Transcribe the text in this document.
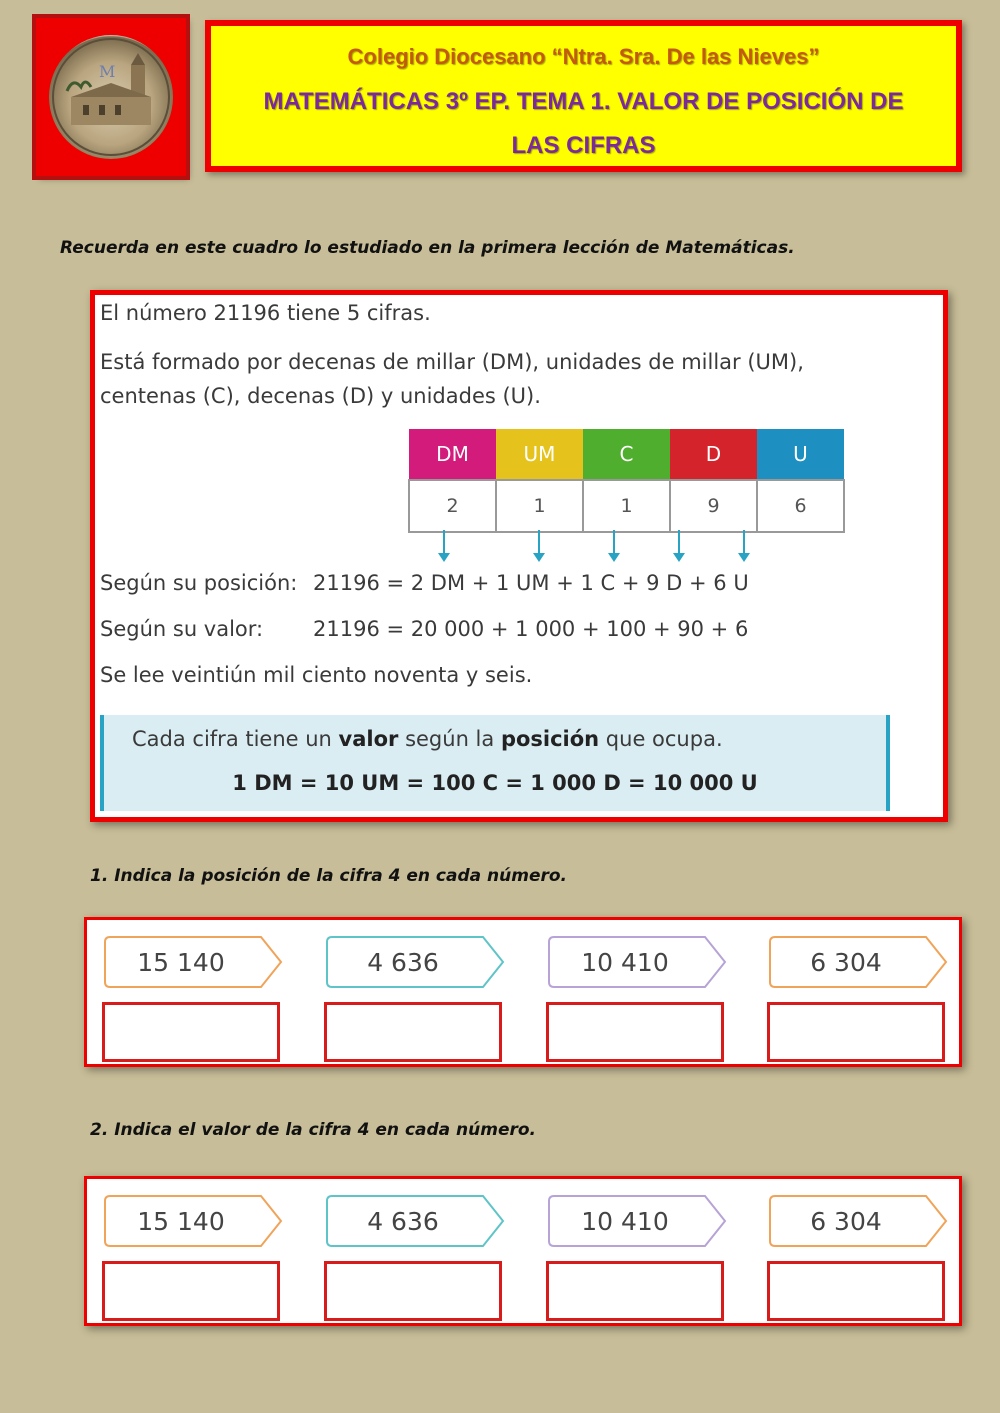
M
Colegio Diocesano “Ntra. Sra. De las Nieves”
MATEMÁTICAS 3º EP. TEMA 1. VALOR DE POSICIÓN DE LAS CIFRAS
Recuerda en este cuadro lo estudiado en la primera lección de Matemáticas.

El número 21196 tiene 5 cifras.

Está formado por decenas de millar (DM), unidades de millar (UM), centenas (C), decenas (D) y unidades (U).

DM	UM	C	D	U
2	1	1	9	6

Según su posición: 21196 = 2 DM + 1 UM + 1 C + 9 D + 6 U

Según su valor: 21196 = 20 000 + 1 000 + 100 + 90 + 6

Se lee veintiún mil ciento noventa y seis.

Cada cifra tiene un valor según la posición que ocupa.
1 DM = 10 UM = 100 C = 1 000 D = 10 000 U
1. Indica la posición de la cifra 4 en cada número.
15 140	4 636	10 410	6 304
2. Indica el valor de la cifra 4 en cada número.
15 140	4 636	10 410	6 304
